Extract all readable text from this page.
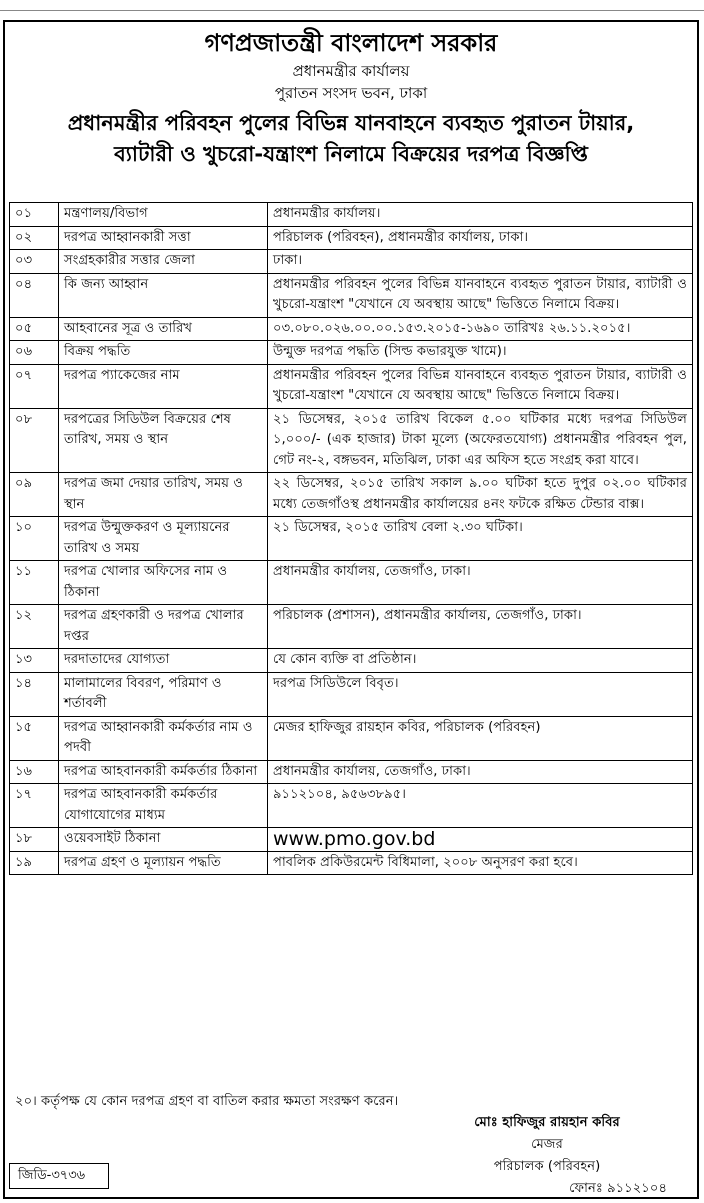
গণপ্রজাতন্ত্রী বাংলাদেশ সরকার
প্রধানমন্ত্রীর কার্যালয়
পুরাতন সংসদ ভবন, ঢাকা
প্রধানমন্ত্রীর পরিবহন পুলের বিভিন্ন যানবাহনে ব্যবহৃত পুরাতন টায়ার,
ব্যাটারী ও খুচরো-যন্ত্রাংশ নিলামে বিক্রয়ের দরপত্র বিজ্ঞপ্তি
০১	মন্ত্রণালয়/বিভাগ	প্রধানমন্ত্রীর কার্যালয়।
০২	দরপত্র আহ্বানকারী সত্তা	পরিচালক (পরিবহন), প্রধানমন্ত্রীর কার্যালয়, ঢাকা।
০৩	সংগ্রহকারীর সত্তার জেলা	ঢাকা।
০৪	কি জন্য আহ্বান	প্রধানমন্ত্রীর পরিবহন পুলের বিভিন্ন যানবাহনে ব্যবহৃত পুরাতন টায়ার, ব্যাটারী ও খুচরো-যন্ত্রাংশ "যেখানে যে অবস্থায় আছে" ভিত্তিতে নিলামে বিক্রয়।
০৫	আহবানের সূত্র ও তারিখ	০৩.০৮০.০২৬.০০.০০.১৫৩.২০১৫-১৬৯০ তারিখঃ ২৬.১১.২০১৫।
০৬	বিক্রয় পদ্ধতি	উন্মুক্ত দরপত্র পদ্ধতি (সিল্ড কভারযুক্ত খামে)।
০৭	দরপত্র প্যাকেজের নাম	প্রধানমন্ত্রীর পরিবহন পুলের বিভিন্ন যানবাহনে ব্যবহৃত পুরাতন টায়ার, ব্যাটারী ও খুচরো-যন্ত্রাংশ "যেখানে যে অবস্থায় আছে" ভিত্তিতে নিলামে বিক্রয়।
০৮	দরপত্রের সিডিউল বিক্রয়ের শেষ তারিখ, সময় ও স্থান	২১ ডিসেম্বর, ২০১৫ তারিখ বিকেল ৫.০০ ঘটিকার মধ্যে দরপত্র সিডিউল ১,০০০/- (এক হাজার) টাকা মূল্যে (অফেরতযোগ্য) প্রধানমন্ত্রীর পরিবহন পুল, গেট নং-২, বঙ্গভবন, মতিঝিল, ঢাকা এর অফিস হতে সংগ্রহ করা যাবে।
০৯	দরপত্র জমা দেয়ার তারিখ, সময় ও স্থান	২২ ডিসেম্বর, ২০১৫ তারিখ সকাল ৯.০০ ঘটিকা হতে দুপুর ০২.০০ ঘটিকার মধ্যে তেজগাঁওস্থ প্রধানমন্ত্রীর কার্যালয়ের ৪নং ফটকে রক্ষিত টেন্ডার বাক্স।
১০	দরপত্র উন্মুক্তকরণ ও মূল্যায়নের তারিখ ও সময়	২১ ডিসেম্বর, ২০১৫ তারিখ বেলা ২.৩০ ঘটিকা।
১১	দরপত্র খোলার অফিসের নাম ও ঠিকানা	প্রধানমন্ত্রীর কার্যালয়, তেজগাঁও, ঢাকা।
১২	দরপত্র গ্রহণকারী ও দরপত্র খোলার দপ্তর	পরিচালক (প্রশাসন), প্রধানমন্ত্রীর কার্যালয়, তেজগাঁও, ঢাকা।
১৩	দরদাতাদের যোগ্যতা	যে কোন ব্যক্তি বা প্রতিষ্ঠান।
১৪	মালামালের বিবরণ, পরিমাণ ও শর্তাবলী	দরপত্র সিডিউলে বিবৃত।
১৫	দরপত্র আহ্বানকারী কর্মকর্তার নাম ও পদবী	মেজর হাফিজুর রায়হান কবির, পরিচালক (পরিবহন)
১৬	দরপত্র আহবানকারী কর্মকর্তার ঠিকানা	প্রধানমন্ত্রীর কার্যালয়, তেজগাঁও, ঢাকা।
১৭	দরপত্র আহবানকারী কর্মকর্তার যোগাযোগের মাধ্যম	৯১১২১০৪, ৯৫৬৩৮৯৫।
১৮	ওয়েবসাইট ঠিকানা	www.pmo.gov.bd
১৯	দরপত্র গ্রহণ ও মূল্যায়ন পদ্ধতি	পাবলিক প্রকিউরমেন্ট বিধিমালা, ২০০৮ অনুসরণ করা হবে।
২০। কর্তৃপক্ষ যে কোন দরপত্র গ্রহণ বা বাতিল করার ক্ষমতা সংরক্ষণ করেন।
মোঃ হাফিজুর রায়হান কবির
মেজর
পরিচালক (পরিবহন)
ফোনঃ ৯১১২১০৪
জিডি-৩৭৩৬
